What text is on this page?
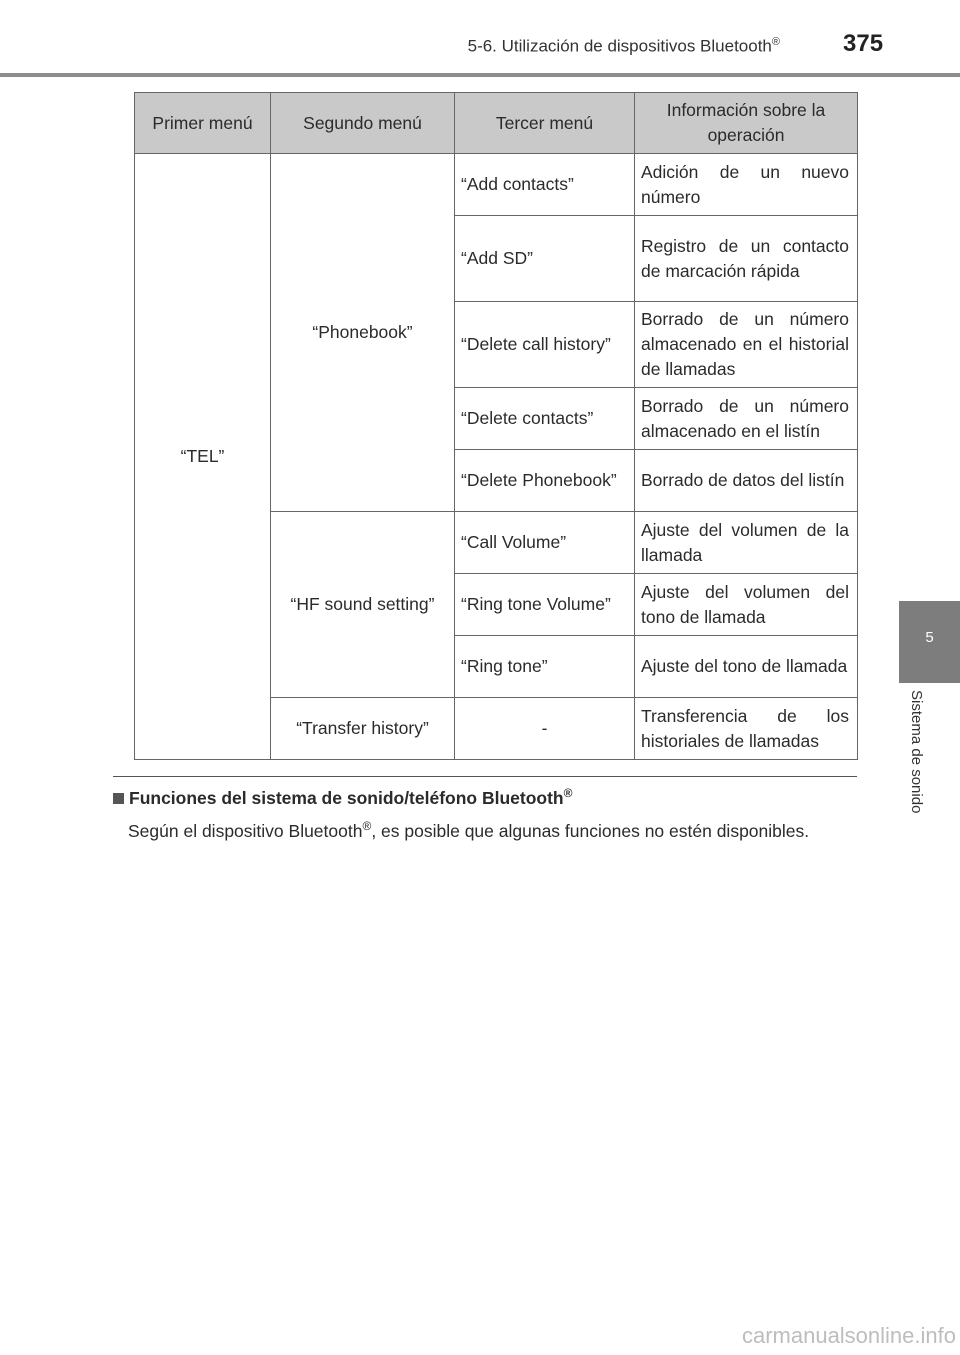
5-6. Utilización de dispositivos Bluetooth®	375
5
Sistema de sonido
Primer menú	Segundo menú	Tercer menú	Información sobre la operación
“TEL”	“Phonebook”	“Add contacts”	Adición de un nuevo número
		“Add SD”	Registro de un contacto de marcación rápida
		“Delete call history”	Borrado de un número almacenado en el historial de llamadas
		“Delete contacts”	Borrado de un número almacenado en el listín
		“Delete Phonebook”	Borrado de datos del listín
	“HF sound setting”	“Call Volume”	Ajuste del volumen de la llamada
		“Ring tone Volume”	Ajuste del volumen del tono de llamada
		“Ring tone”	Ajuste del tono de llamada
	“Transfer history”	-	Transferencia de los historiales de llamadas
Funciones del sistema de sonido/teléfono Bluetooth®
Según el dispositivo Bluetooth®, es posible que algunas funciones no estén disponibles.
carmanualsonline.info
